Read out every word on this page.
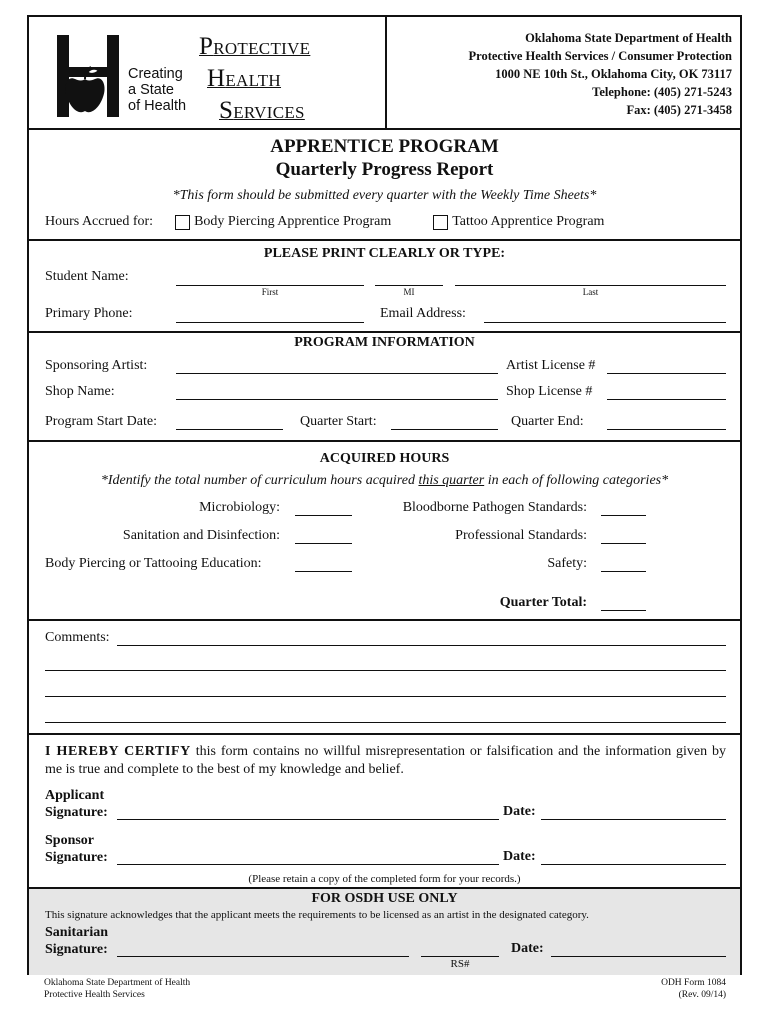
Creating
a State
of Health
PROTECTIVE
HEALTH
SERVICES
Oklahoma State Department of Health
Protective Health Services / Consumer Protection
1000 NE 10th St., Oklahoma City, OK 73117
Telephone: (405) 271-5243
Fax: (405) 271-3458
APPRENTICE PROGRAM
Quarterly Progress Report
*This form should be submitted every quarter with the Weekly Time Sheets*
Hours Accrued for:	Body Piercing Apprentice Program	Tattoo Apprentice Program
PLEASE PRINT CLEARLY OR TYPE:
Student Name:
First	MI	Last
Primary Phone:	Email Address:
PROGRAM INFORMATION
Sponsoring Artist:	Artist License #
Shop Name:	Shop License #
Program Start Date:	Quarter Start:	Quarter End:
ACQUIRED HOURS
*Identify the total number of curriculum hours acquired this quarter in each of following categories*
Microbiology:	Bloodborne Pathogen Standards:
Sanitation and Disinfection:	Professional Standards:
Body Piercing or Tattooing Education:	Safety:
Quarter Total:
Comments:
I HEREBY CERTIFY this form contains no willful misrepresentation or falsification and the information given by me is true and complete to the best of my knowledge and belief.
Applicant
Signature:	Date:
Sponsor
Signature:	Date:
(Please retain a copy of the completed form for your records.)
FOR OSDH USE ONLY
This signature acknowledges that the applicant meets the requirements to be licensed as an artist in the designated category.
Sanitarian
Signature:
RS#
Date:
Oklahoma State Department of Health
Protective Health Services
ODH Form 1084
(Rev. 09/14)
